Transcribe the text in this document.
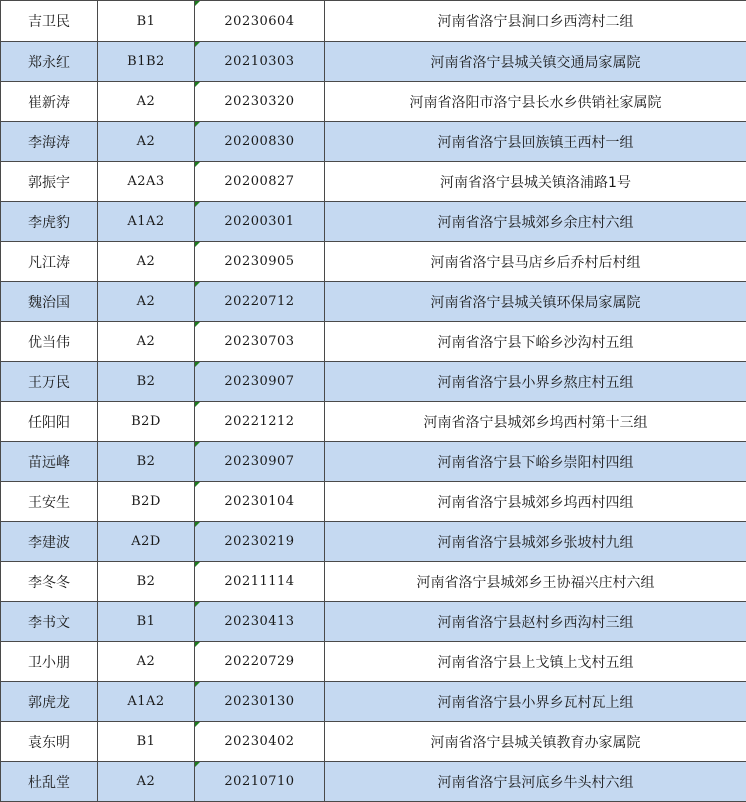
吉卫民	B1	20230604	河南省洛宁县涧口乡西湾村二组
郑永红	B1B2	20210303	河南省洛宁县城关镇交通局家属院
崔新涛	A2	20230320	河南省洛阳市洛宁县长水乡供销社家属院
李海涛	A2	20200830	河南省洛宁县回族镇王西村一组
郭振宇	A2A3	20200827	河南省洛宁县城关镇洛浦路1号
李虎豹	A1A2	20200301	河南省洛宁县城郊乡余庄村六组
凡江涛	A2	20230905	河南省洛宁县马店乡后乔村后村组
魏治国	A2	20220712	河南省洛宁县城关镇环保局家属院
优当伟	A2	20230703	河南省洛宁县下峪乡沙沟村五组
王万民	B2	20230907	河南省洛宁县小界乡熬庄村五组
任阳阳	B2D	20221212	河南省洛宁县城郊乡坞西村第十三组
苗远峰	B2	20230907	河南省洛宁县下峪乡崇阳村四组
王安生	B2D	20230104	河南省洛宁县城郊乡坞西村四组
李建波	A2D	20230219	河南省洛宁县城郊乡张坡村九组
李冬冬	B2	20211114	河南省洛宁县城郊乡王协福兴庄村六组
李书文	B1	20230413	河南省洛宁县赵村乡西沟村三组
卫小朋	A2	20220729	河南省洛宁县上戈镇上戈村五组
郭虎龙	A1A2	20230130	河南省洛宁县小界乡瓦村瓦上组
袁东明	B1	20230402	河南省洛宁县城关镇教育办家属院
杜乱堂	A2	20210710	河南省洛宁县河底乡牛头村六组
